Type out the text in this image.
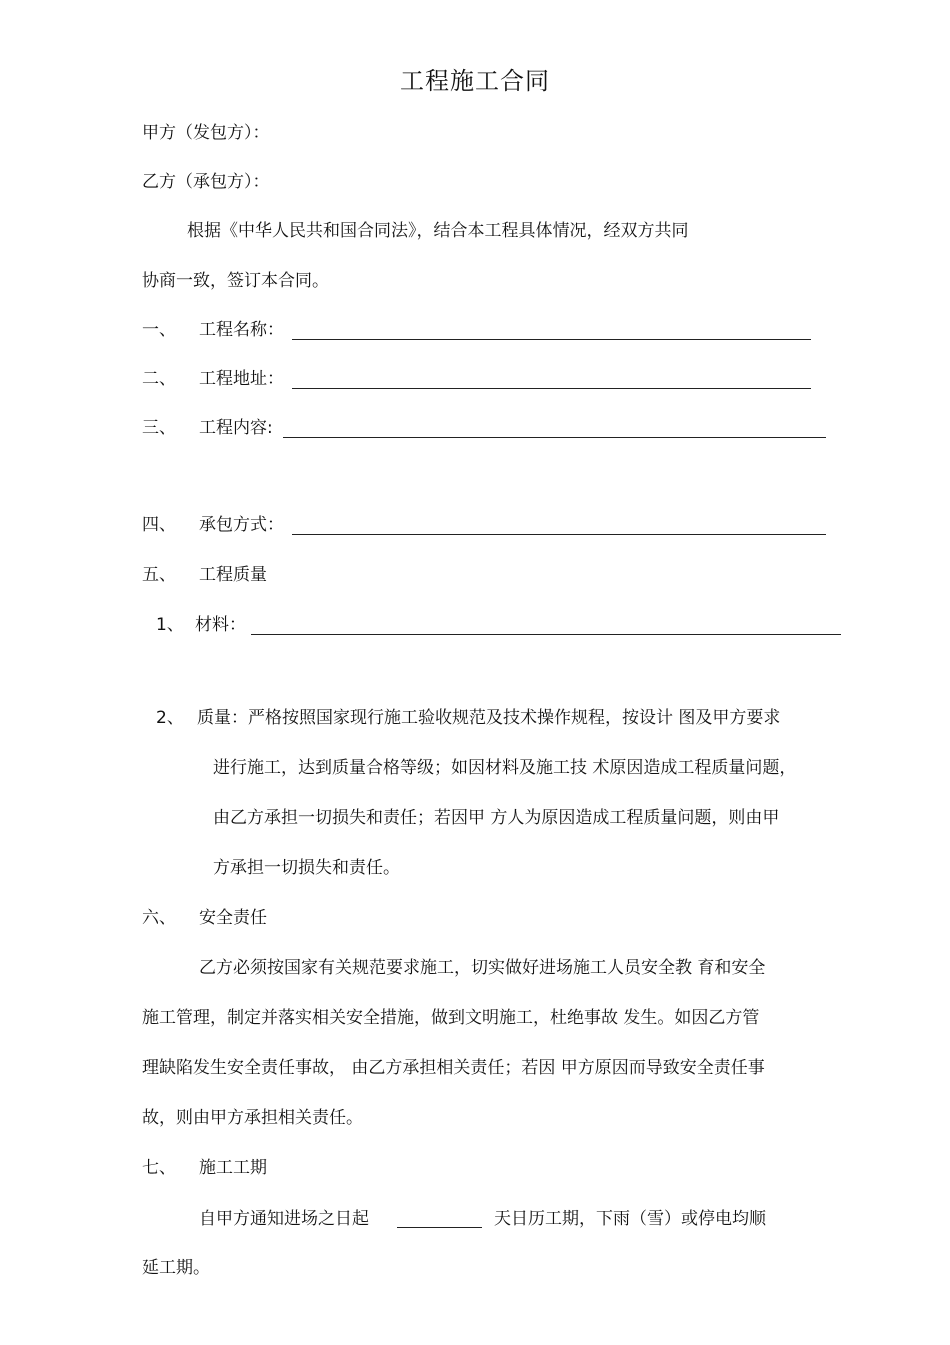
工程施工合同
甲方（发包方）：
乙方（承包方）：
根据《中华人民共和国合同法》，结合本工程具体情况，经双方共同
协商一致，签订本合同。
一、 工程名称：
二、 工程地址：
三、 工程内容:
四、 承包方式：
五、 工程质量
1、 材料：
2、 质量：严格按照国家现行施工验收规范及技术操作规程，按设计 图及甲方要求
进行施工，达到质量合格等级；如因材料及施工技 术原因造成工程质量问题，
由乙方承担一切损失和责任；若因甲 方人为原因造成工程质量问题，则由甲
方承担一切损失和责任。
六、 安全责任
乙方必须按国家有关规范要求施工，切实做好进场施工人员安全教 育和安全
施工管理，制定并落实相关安全措施，做到文明施工，杜绝事故 发生。如因乙方管
理缺陷发生安全责任事故， 由乙方承担相关责任；若因 甲方原因而导致安全责任事
故，则由甲方承担相关责任。
七、 施工工期
自甲方通知进场之日起	天日历工期，下雨（雪）或停电均顺
延工期。
